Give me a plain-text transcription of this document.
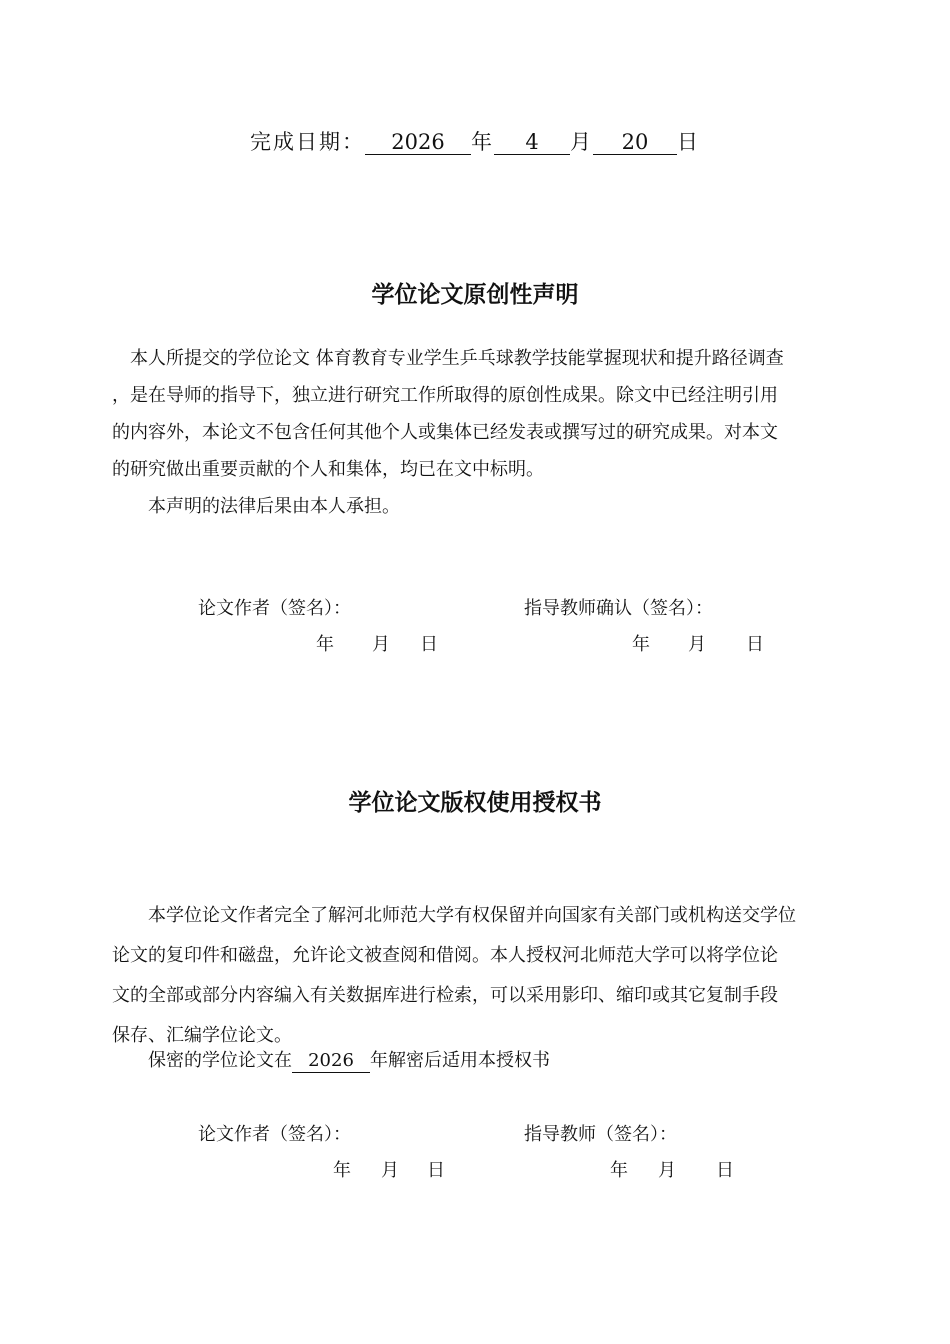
完成日期： 2026 年 4 月 20 日
学位论文原创性声明

本人所提交的学位论文 体育教育专业学生乒乓球教学技能掌握现状和提升路径调查

，是在导师的指导下，独立进行研究工作所取得的原创性成果。除文中已经注明引用

的内容外，本论文不包含任何其他个人或集体已经发表或撰写过的研究成果。对本文

的研究做出重要贡献的个人和集体，均已在文中标明。

本声明的法律后果由本人承担。

论文作者（签名）：	指导教师确认（签名）：
年 月 日	年 月 日
学位论文版权使用授权书

本学位论文作者完全了解河北师范大学有权保留并向国家有关部门或机构送交学位

论文的复印件和磁盘，允许论文被查阅和借阅。本人授权河北师范大学可以将学位论

文的全部或部分内容编入有关数据库进行检索，可以采用影印、缩印或其它复制手段

保存、汇编学位论文。

保密的学位论文在 2026 年解密后适用本授权书
论文作者（签名）：	指导教师（签名）：
年 月 日	年 月 日
